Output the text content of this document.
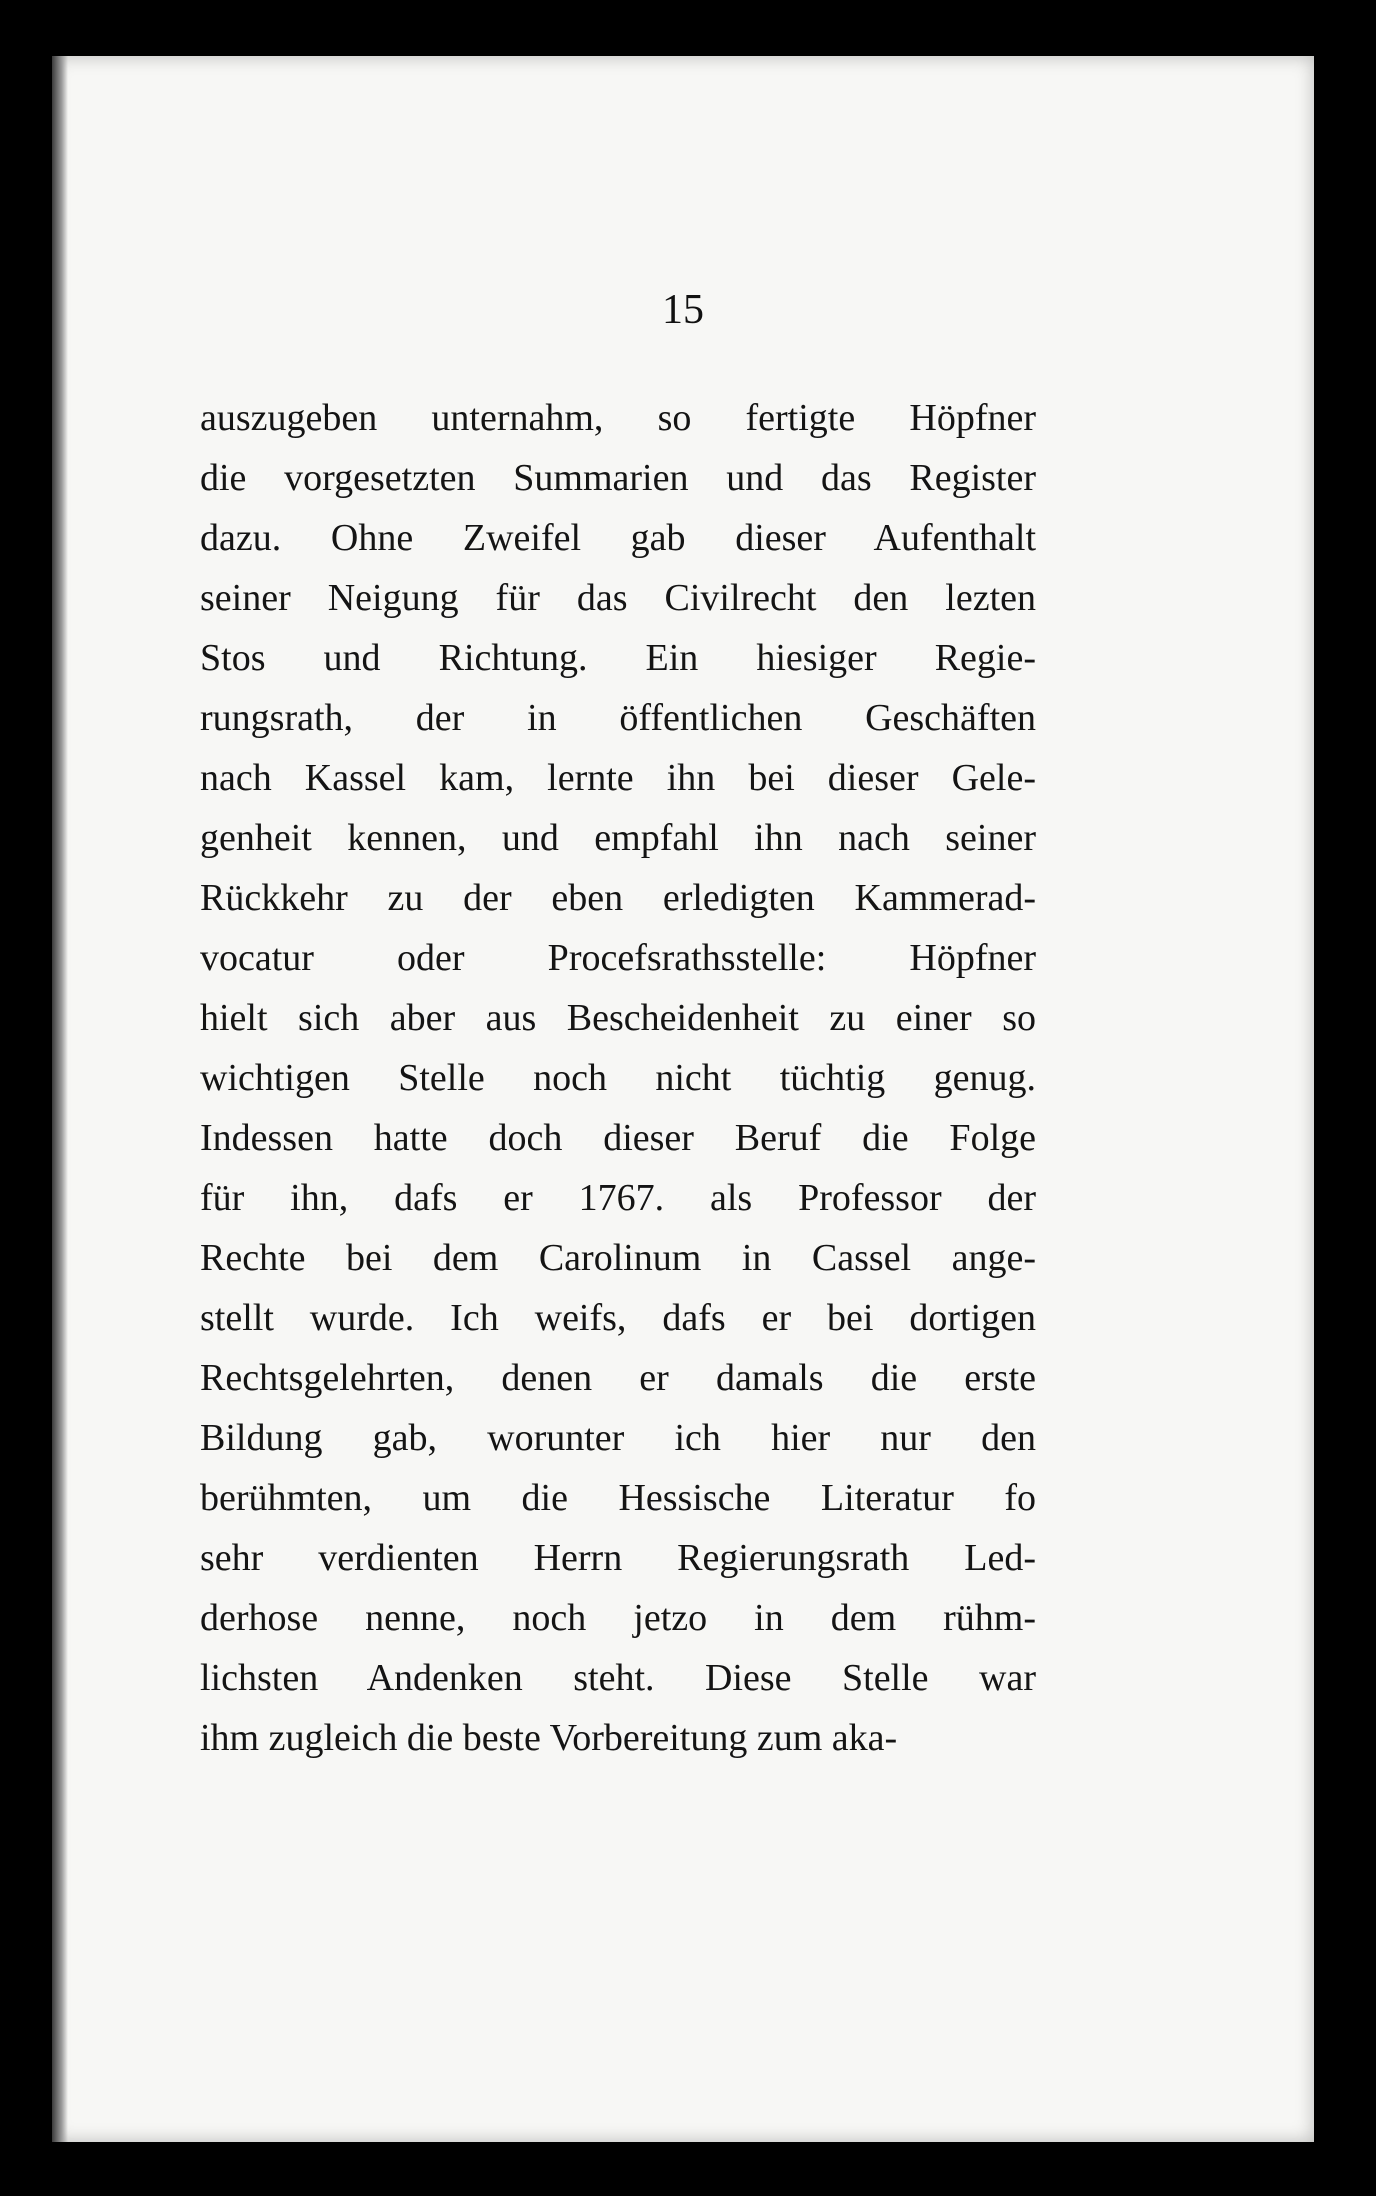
15
auszugeben unternahm, so fertigte Höpfner
die vorgesetzten Summarien und das Register
dazu. Ohne Zweifel gab dieser Aufenthalt
seiner Neigung für das Civilrecht den lezten
Stos und Richtung. Ein hiesiger Regie-
rungsrath, der in öffentlichen Geschäften
nach Kassel kam, lernte ihn bei dieser Gele-
genheit kennen, und empfahl ihn nach seiner
Rückkehr zu der eben erledigten Kammerad-
vocatur oder Procefsrathsstelle: Höpfner
hielt sich aber aus Bescheidenheit zu einer so
wichtigen Stelle noch nicht tüchtig genug.
Indessen hatte doch dieser Beruf die Folge
für ihn, dafs er 1767. als Professor der
Rechte bei dem Carolinum in Cassel ange-
stellt wurde. Ich weifs, dafs er bei dortigen
Rechtsgelehrten, denen er damals die erste
Bildung gab, worunter ich hier nur den
berühmten, um die Hessische Literatur fo
sehr verdienten Herrn Regierungsrath Led-
derhose nenne, noch jetzo in dem rühm-
lichsten Andenken steht. Diese Stelle war
ihm zugleich die beste Vorbereitung zum aka-
